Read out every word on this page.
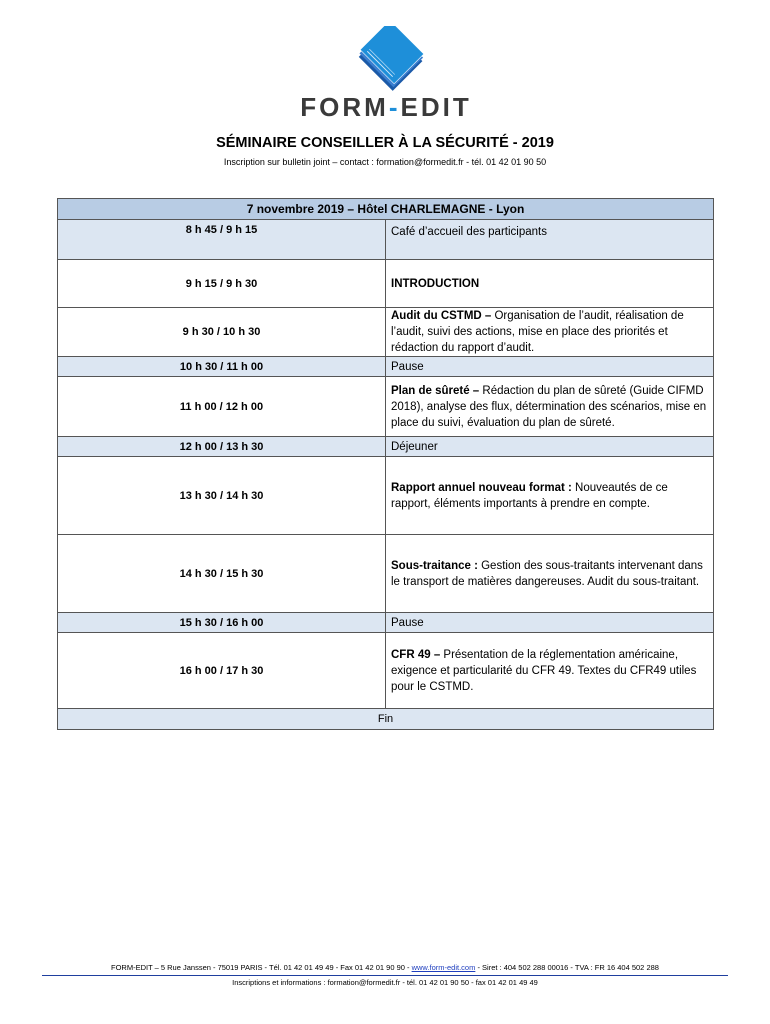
FORM-EDIT
SÉMINAIRE CONSEILLER À LA SÉCURITÉ - 2019
Inscription sur bulletin joint – contact : formation@formedit.fr - tél. 01 42 01 90 50
7 novembre 2019 – Hôtel CHARLEMAGNE - Lyon	
8 h 45 / 9 h 15	Café d’accueil des participants
9 h 15 / 9 h 30	INTRODUCTION
9 h 30 / 10 h 30	Audit du CSTMD – Organisation de l’audit, réalisation de l’audit, suivi des actions, mise en place des priorités et rédaction du rapport d’audit.
10 h 30 / 11 h 00	Pause
11 h 00 / 12 h 00	Plan de sûreté – Rédaction du plan de sûreté (Guide CIFMD 2018), analyse des flux, détermination des scénarios, mise en place du suivi, évaluation du plan de sûreté.
12 h 00 / 13 h 30	Déjeuner
13 h 30 / 14 h 30	Rapport annuel nouveau format : Nouveautés de ce rapport, éléments importants à prendre en compte.
14 h 30 / 15 h 30	Sous-traitance : Gestion des sous-traitants intervenant dans le transport de matières dangereuses. Audit du sous-traitant.
15 h 30 / 16 h 00	Pause
16 h 00 / 17 h 30	CFR 49 – Présentation de la réglementation américaine, exigence et particularité du CFR 49. Textes du CFR49 utiles pour le CSTMD.
Fin	
FORM-EDIT – 5 Rue Janssen - 75019 PARIS - Tél. 01 42 01 49 49 - Fax 01 42 01 90 90 - www.form-edit.com - Siret : 404 502 288 00016 - TVA : FR 16 404 502 288
Inscriptions et informations : formation@formedit.fr - tél. 01 42 01 90 50 - fax 01 42 01 49 49
